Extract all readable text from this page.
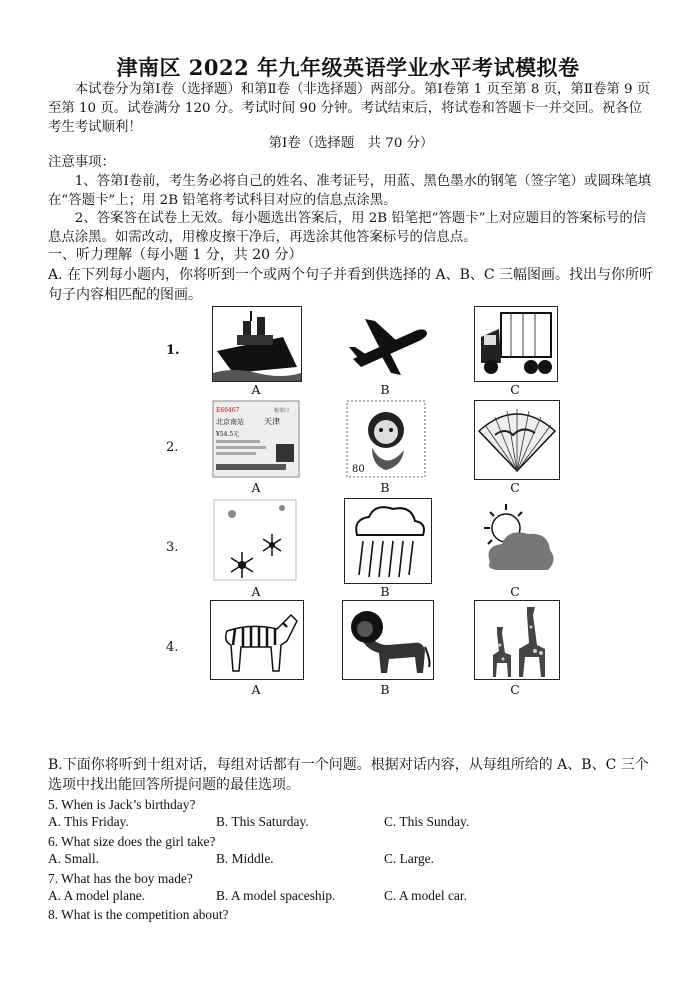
津南区 2022 年九年级英语学业水平考试模拟卷
本试卷分为第Ⅰ卷（选择题）和第Ⅱ卷（非选择题）两部分。第Ⅰ卷第 1 页至第 8 页，第Ⅱ卷第 9 页至第 10 页。试卷满分 120 分。考试时间 90 分钟。考试结束后，将试卷和答题卡一并交回。祝各位考生考试顺利！
第Ⅰ卷（选择题　共 70 分）
注意事项：
1、答第Ⅰ卷前，考生务必将自己的姓名、准考证号，用蓝、黑色墨水的钢笔（签字笔）或圆珠笔填在“答题卡”上；用 2B 铅笔将考试科目对应的信息点涂黑。
2、答案答在试卷上无效。每小题选出答案后，用 2B 铅笔把“答题卡”上对应题目的答案标号的信息点涂黑。如需改动，用橡皮擦干净后，再选涂其他答案标号的信息点。
一、听力理解（每小题 1 分，共 20 分）
A. 在下列每小题内，你将听到一个或两个句子并看到供选择的 A、B、C 三幅图画。找出与你所听句子内容相匹配的图画。
1.
A	B	C
2.
E66467	检票口
北京南站	天津
¥54.5元
A
80
B	C
3.
A	B	C
4.
A	B	C
B.下面你将听到十组对话，每组对话都有一个问题。根据对话内容，从每组所给的 A、B、C 三个选项中找出能回答所提问题的最佳选项。
5. When is Jack’s birthday?
A. This Friday.	B. This Saturday.	C. This Sunday.
6. What size does the girl take?
A. Small.	B. Middle.	C. Large.
7. What has the boy made?
A. A model plane.	B. A model spaceship.	C. A model car.
8. What is the competition about?
